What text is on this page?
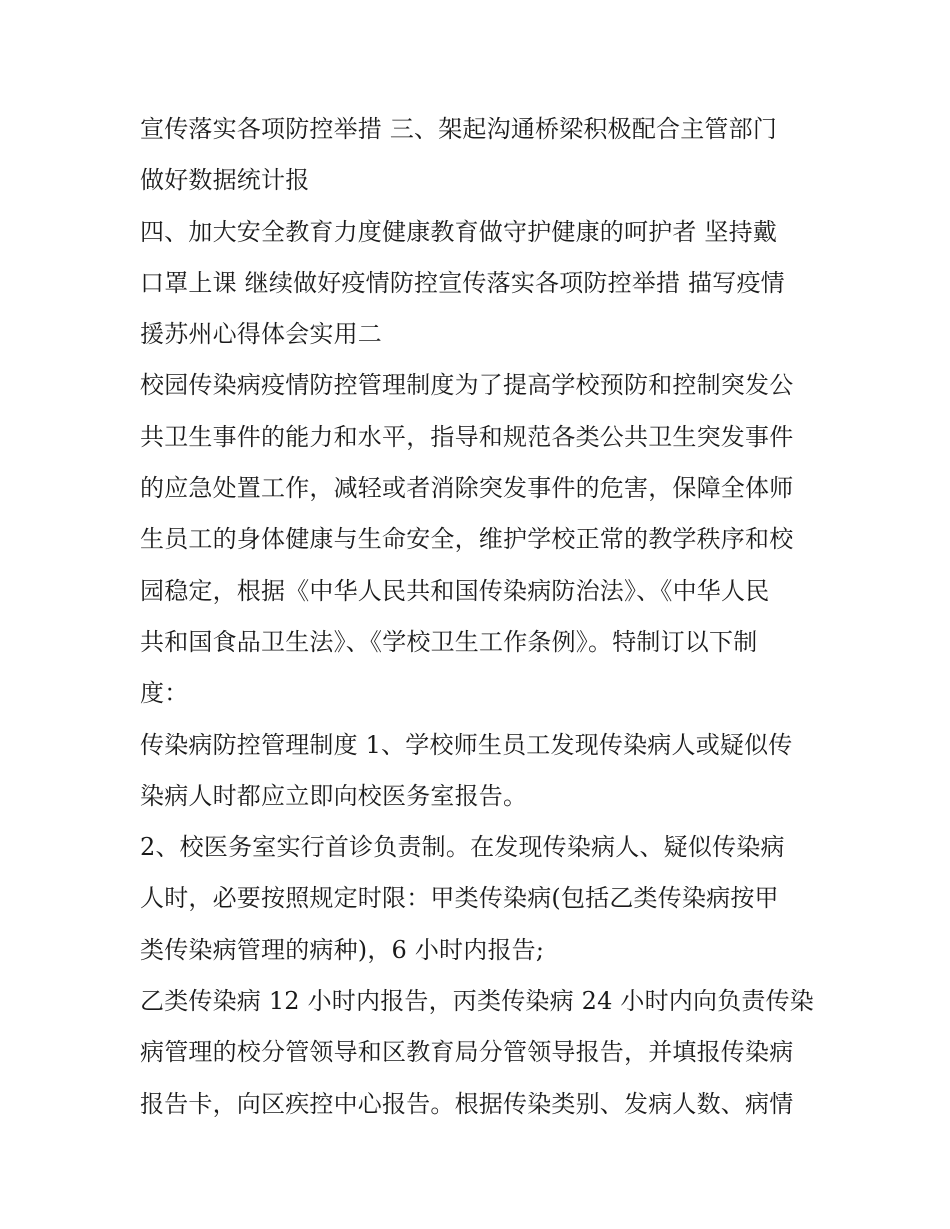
宣传落实各项防控举措 三、架起沟通桥梁积极配合主管部门
做好数据统计报
四、加大安全教育力度健康教育做守护健康的呵护者 坚持戴
口罩上课 继续做好疫情防控宣传落实各项防控举措 描写疫情
援苏州心得体会实用二
校园传染病疫情防控管理制度为了提高学校预防和控制突发公
共卫生事件的能力和水平，指导和规范各类公共卫生突发事件
的应急处置工作，减轻或者消除突发事件的危害，保障全体师
生员工的身体健康与生命安全，维护学校正常的教学秩序和校
园稳定，根据《中华人民共和国传染病防治法》、《中华人民
共和国食品卫生法》、《学校卫生工作条例》。特制订以下制
度：
传染病防控管理制度 1、学校师生员工发现传染病人或疑似传
染病人时都应立即向校医务室报告。
2、校医务室实行首诊负责制。在发现传染病人、疑似传染病
人时，必要按照规定时限：甲类传染病(包括乙类传染病按甲
类传染病管理的病种)，6 小时内报告;
乙类传染病 12 小时内报告，丙类传染病 24 小时内向负责传染
病管理的校分管领导和区教育局分管领导报告，并填报传染病
报告卡，向区疾控中心报告。根据传染类别、发病人数、病情
